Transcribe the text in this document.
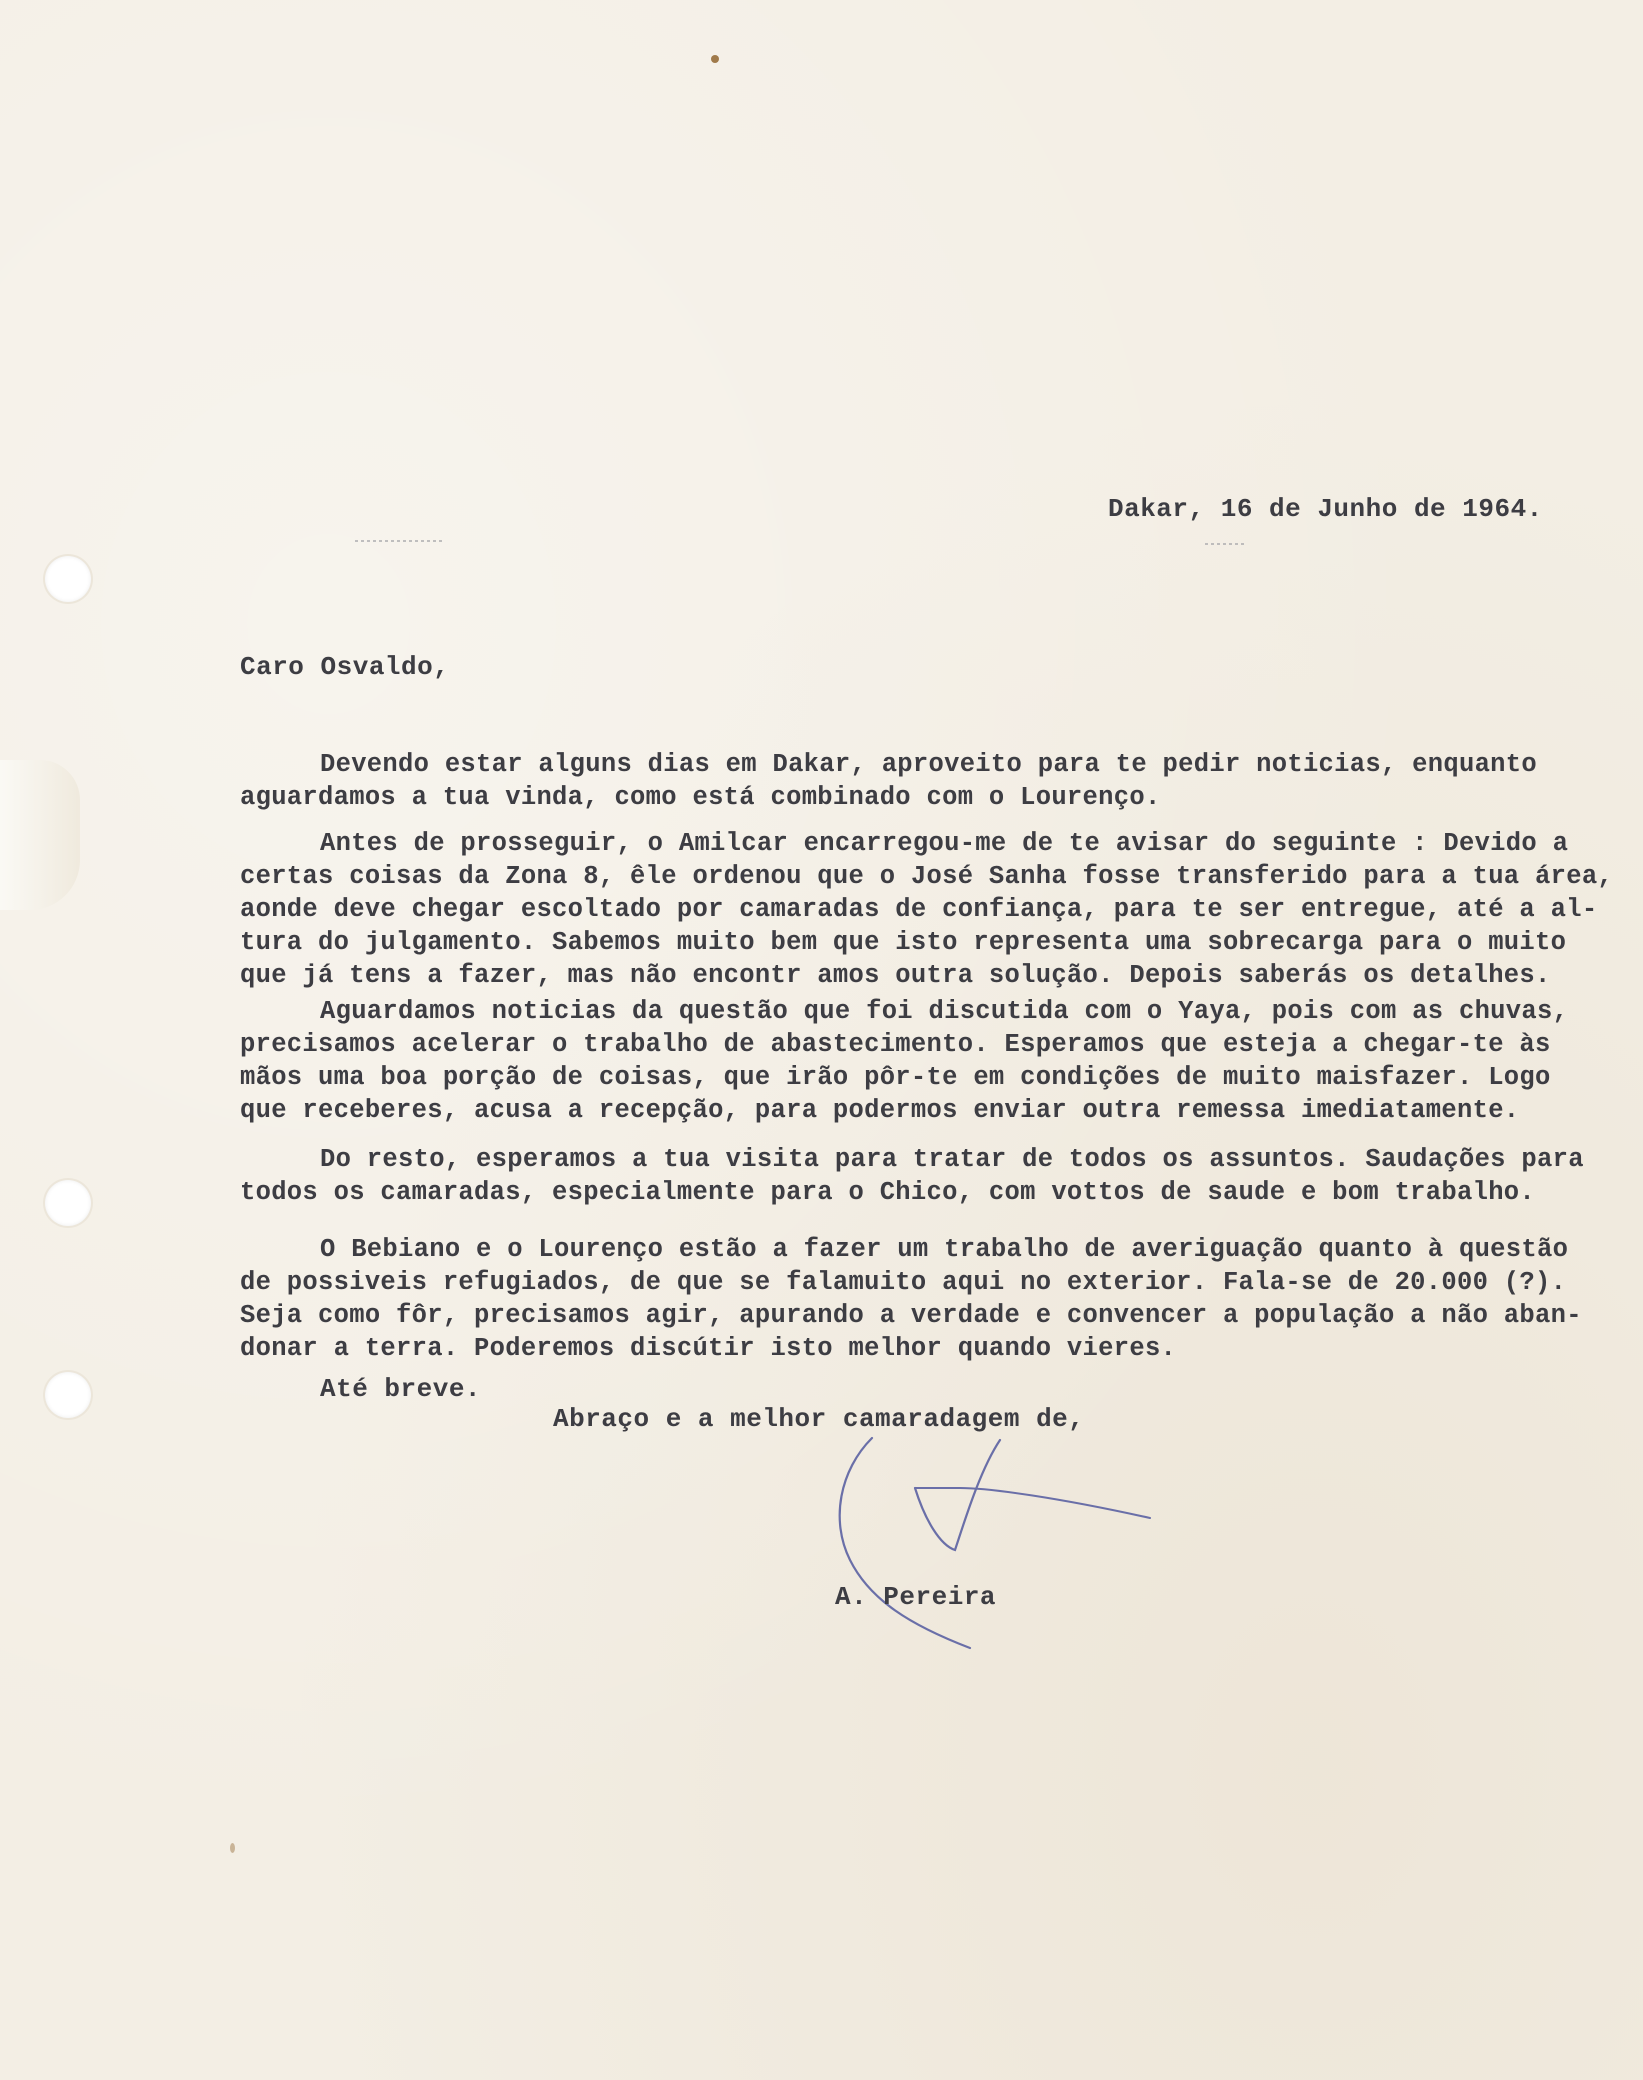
Dakar, 16 de Junho de 1964.
Caro Osvaldo,
Devendo estar alguns dias em Dakar, aproveito para te pedir noticias, enquanto
aguardamos a tua vinda, como está combinado com o Lourenço.
Antes de prosseguir, o Amilcar encarregou-me de te avisar do seguinte : Devido a
certas coisas da Zona 8, êle ordenou que o José Sanha fosse transferido para a tua área,
aonde deve chegar escoltado por camaradas de confiança, para te ser entregue, até a al-
tura do julgamento. Sabemos muito bem que isto representa uma sobrecarga para o muito
que já tens a fazer, mas não encontr amos outra solução. Depois saberás os detalhes.
Aguardamos noticias da questão que foi discutida com o Yaya, pois com as chuvas,
precisamos acelerar o trabalho de abastecimento. Esperamos que esteja a chegar-te às
mãos uma boa porção de coisas, que irão pôr-te em condições de muito maisfazer. Logo
que receberes, acusa a recepção, para podermos enviar outra remessa imediatamente.
Do resto, esperamos a tua visita para tratar de todos os assuntos. Saudações para
todos os camaradas, especialmente para o Chico, com vottos de saude e bom trabalho.
O Bebiano e o Lourenço estão a fazer um trabalho de averiguação quanto à questão
de possiveis refugiados, de que se falamuito aqui no exterior. Fala-se de 20.000 (?).
Seja como fôr, precisamos agir, apurando a verdade e convencer a população a não aban-
donar a terra. Poderemos discútir isto melhor quando vieres.
Até breve.
Abraço e a melhor camaradagem de,
A. Pereira
